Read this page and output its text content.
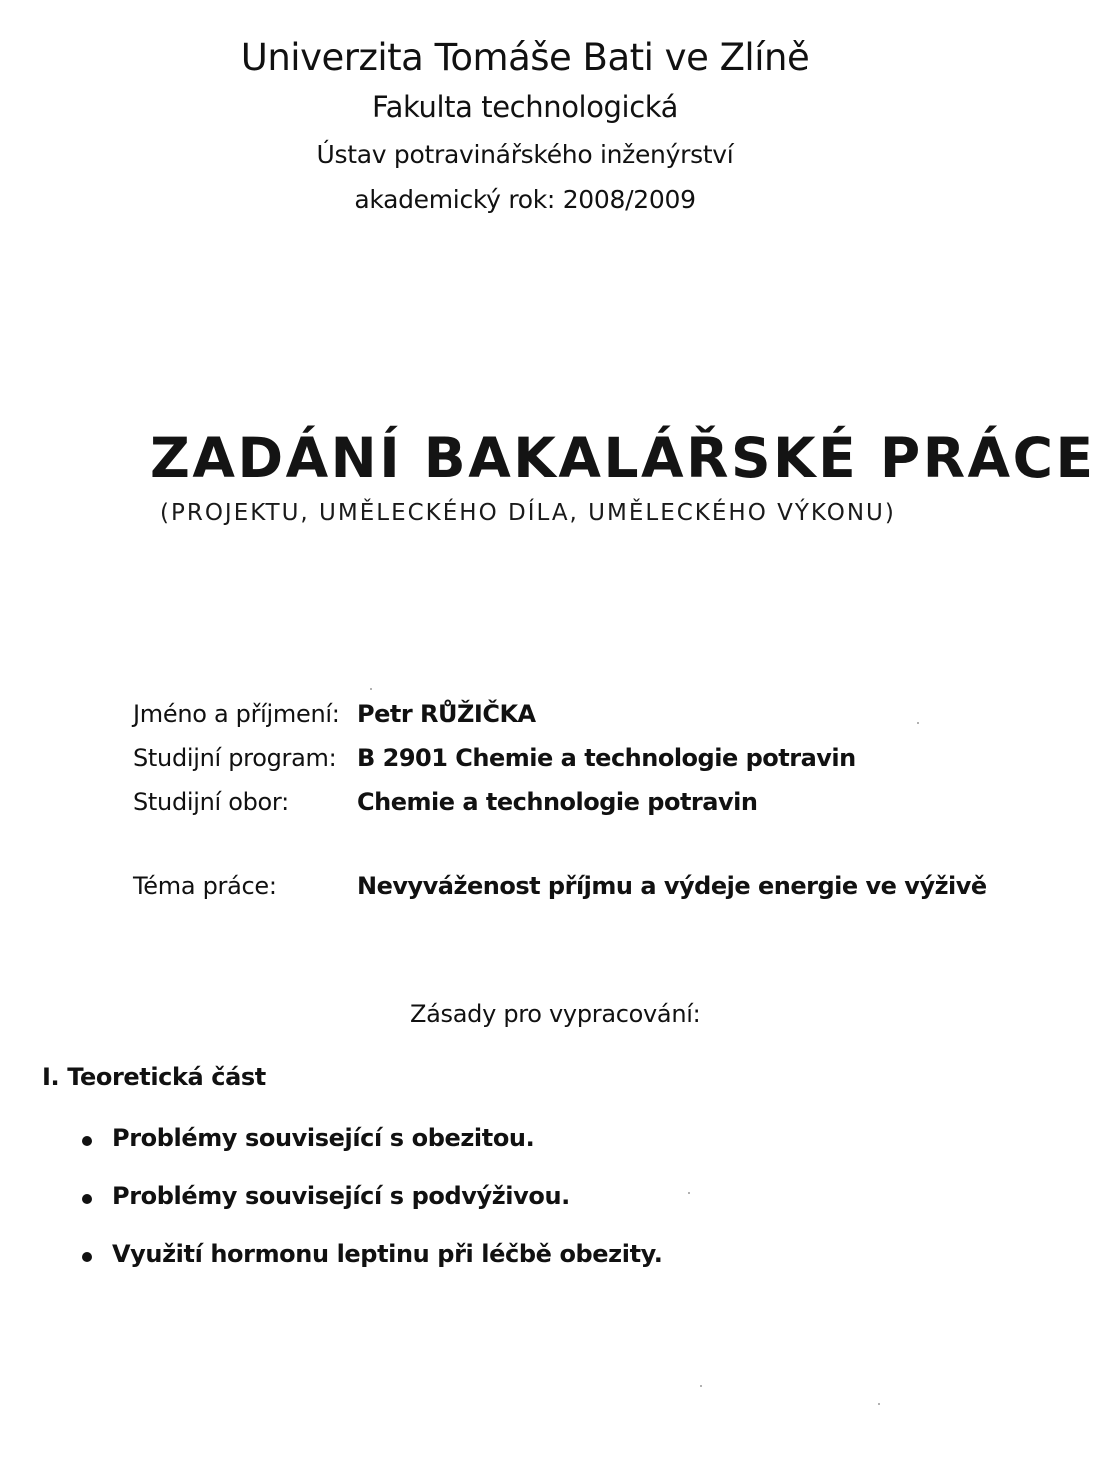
Univerzita Tomáše Bati ve Zlíně
Fakulta technologická
Ústav potravinářského inženýrství
akademický rok: 2008/2009
ZADÁNÍ BAKALÁŘSKÉ PRÁCE
(PROJEKTU, UMĚLECKÉHO DÍLA, UMĚLECKÉHO VÝKONU)
Jméno a příjmení: Petr RŮŽIČKA
Studijní program: B 2901 Chemie a technologie potravin
Studijní obor:	Chemie a technologie potravin
Téma práce:	Nevyváženost příjmu a výdeje energie ve výživě
Zásady pro vypracování:
I. Teoretická část
Problémy související s obezitou.
Problémy související s podvýživou.
Využití hormonu leptinu při léčbě obezity.
